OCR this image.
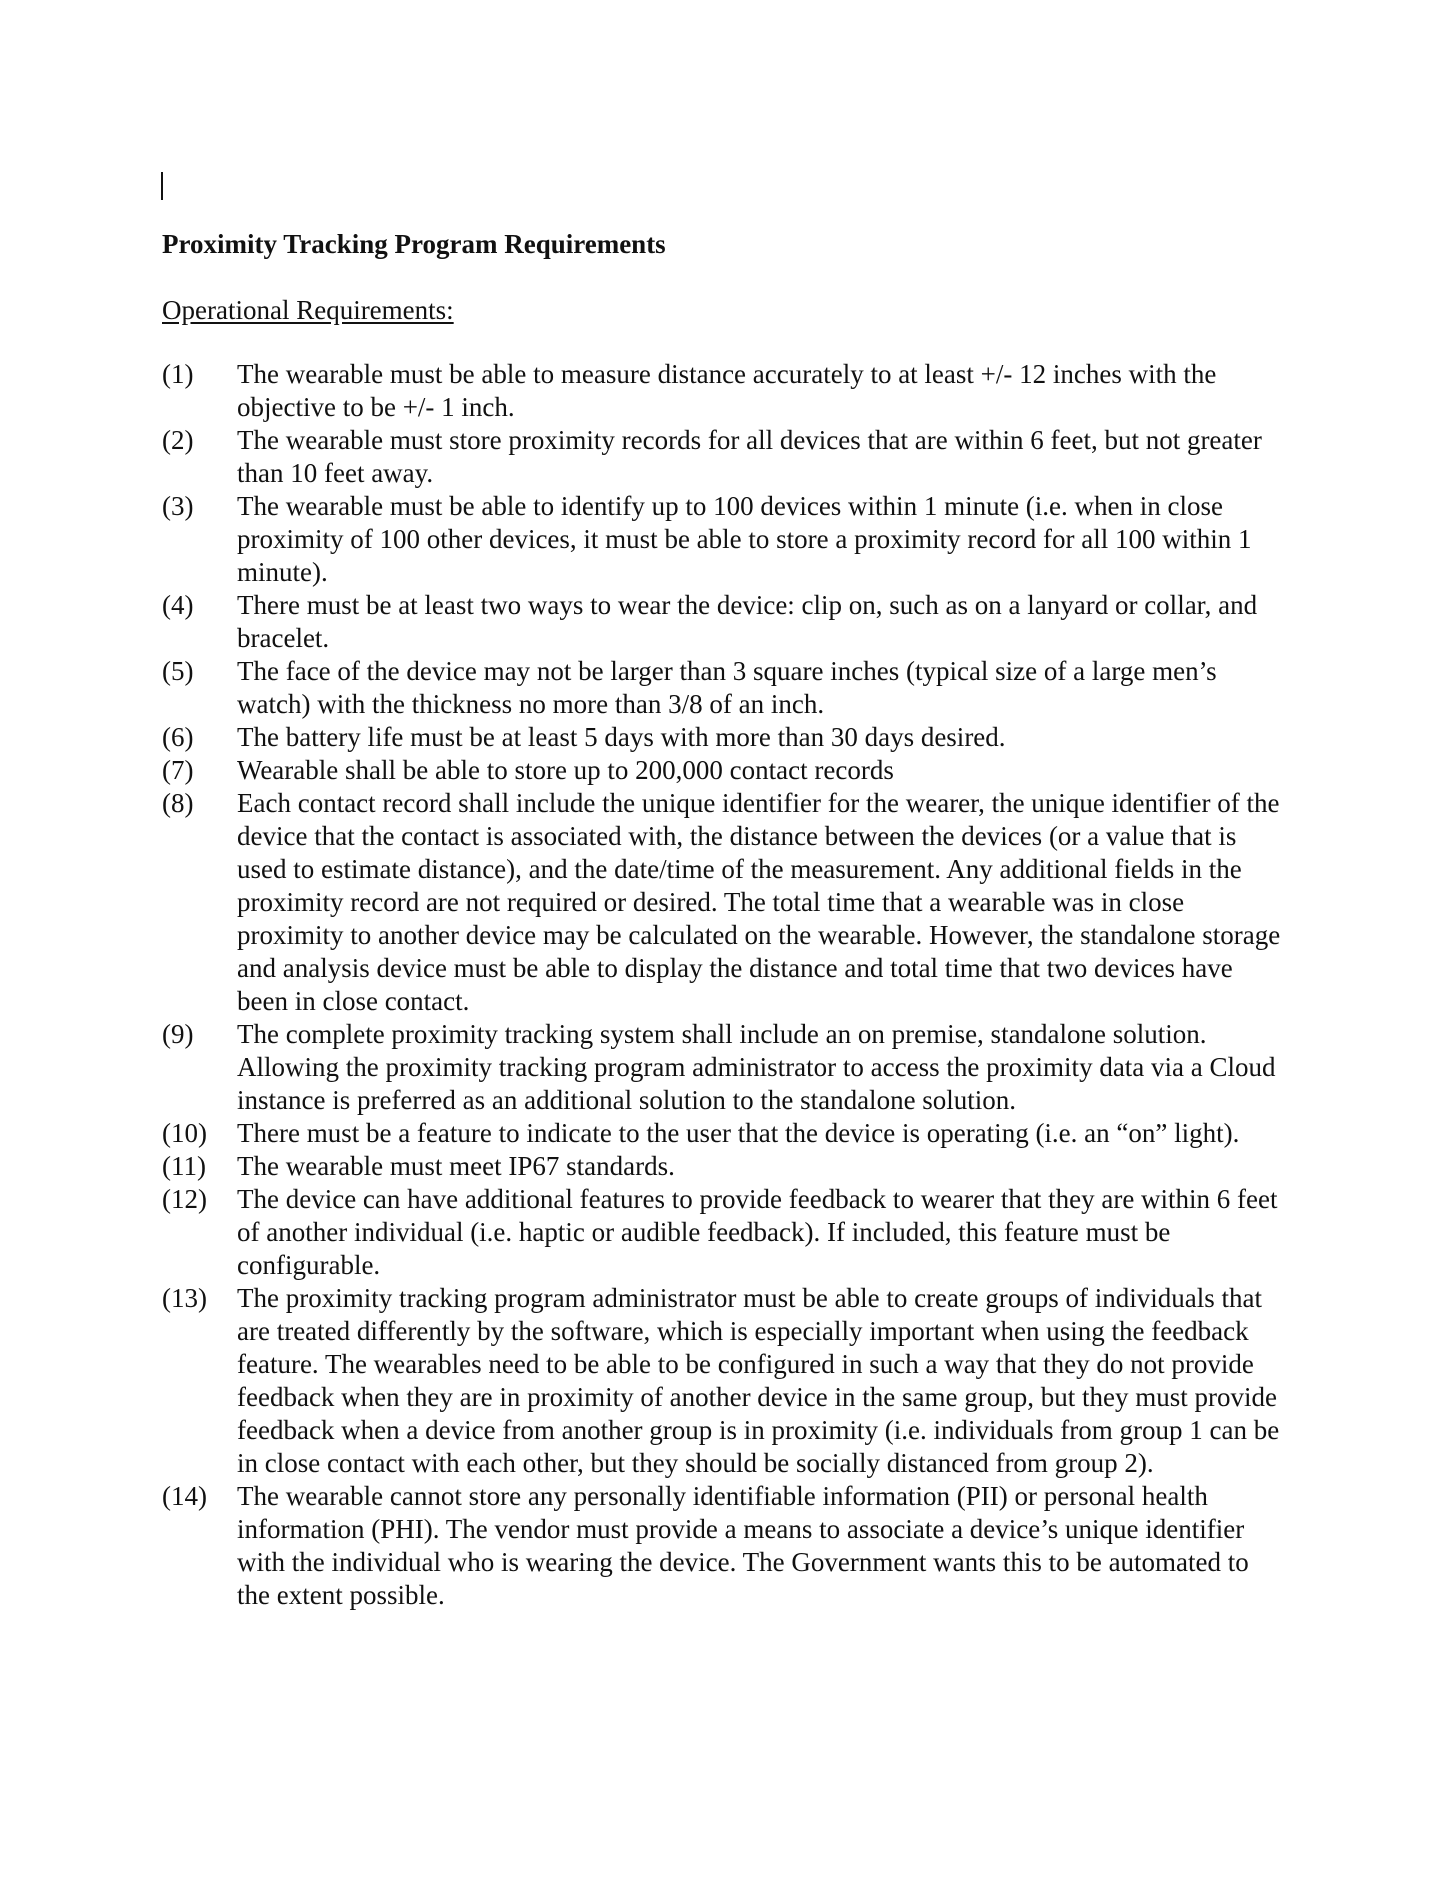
Proximity Tracking Program Requirements
Operational Requirements:
(1)	The wearable must be able to measure distance accurately to at least +/- 12 inches with the objective to be +/- 1 inch.
(2)	The wearable must store proximity records for all devices that are within 6 feet, but not greater than 10 feet away.
(3)	The wearable must be able to identify up to 100 devices within 1 minute (i.e. when in close proximity of 100 other devices, it must be able to store a proximity record for all 100 within 1 minute).
(4)	There must be at least two ways to wear the device: clip on, such as on a lanyard or collar, and bracelet.
(5)	The face of the device may not be larger than 3 square inches (typical size of a large men’s watch) with the thickness no more than 3/8 of an inch.
(6)	The battery life must be at least 5 days with more than 30 days desired.
(7)	Wearable shall be able to store up to 200,000 contact records
(8)	Each contact record shall include the unique identifier for the wearer, the unique identifier of the device that the contact is associated with, the distance between the devices (or a value that is used to estimate distance), and the date/time of the measurement. Any additional fields in the proximity record are not required or desired. The total time that a wearable was in close proximity to another device may be calculated on the wearable. However, the standalone storage and analysis device must be able to display the distance and total time that two devices have been in close contact.
(9)	The complete proximity tracking system shall include an on premise, standalone solution. Allowing the proximity tracking program administrator to access the proximity data via a Cloud instance is preferred as an additional solution to the standalone solution.
(10)	There must be a feature to indicate to the user that the device is operating (i.e. an “on” light).
(11)	The wearable must meet IP67 standards.
(12)	The device can have additional features to provide feedback to wearer that they are within 6 feet of another individual (i.e. haptic or audible feedback). If included, this feature must be configurable.
(13)	The proximity tracking program administrator must be able to create groups of individuals that are treated differently by the software, which is especially important when using the feedback feature. The wearables need to be able to be configured in such a way that they do not provide feedback when they are in proximity of another device in the same group, but they must provide feedback when a device from another group is in proximity (i.e. individuals from group 1 can be in close contact with each other, but they should be socially distanced from group 2).
(14)	The wearable cannot store any personally identifiable information (PII) or personal health information (PHI). The vendor must provide a means to associate a device’s unique identifier with the individual who is wearing the device. The Government wants this to be automated to the extent possible.
